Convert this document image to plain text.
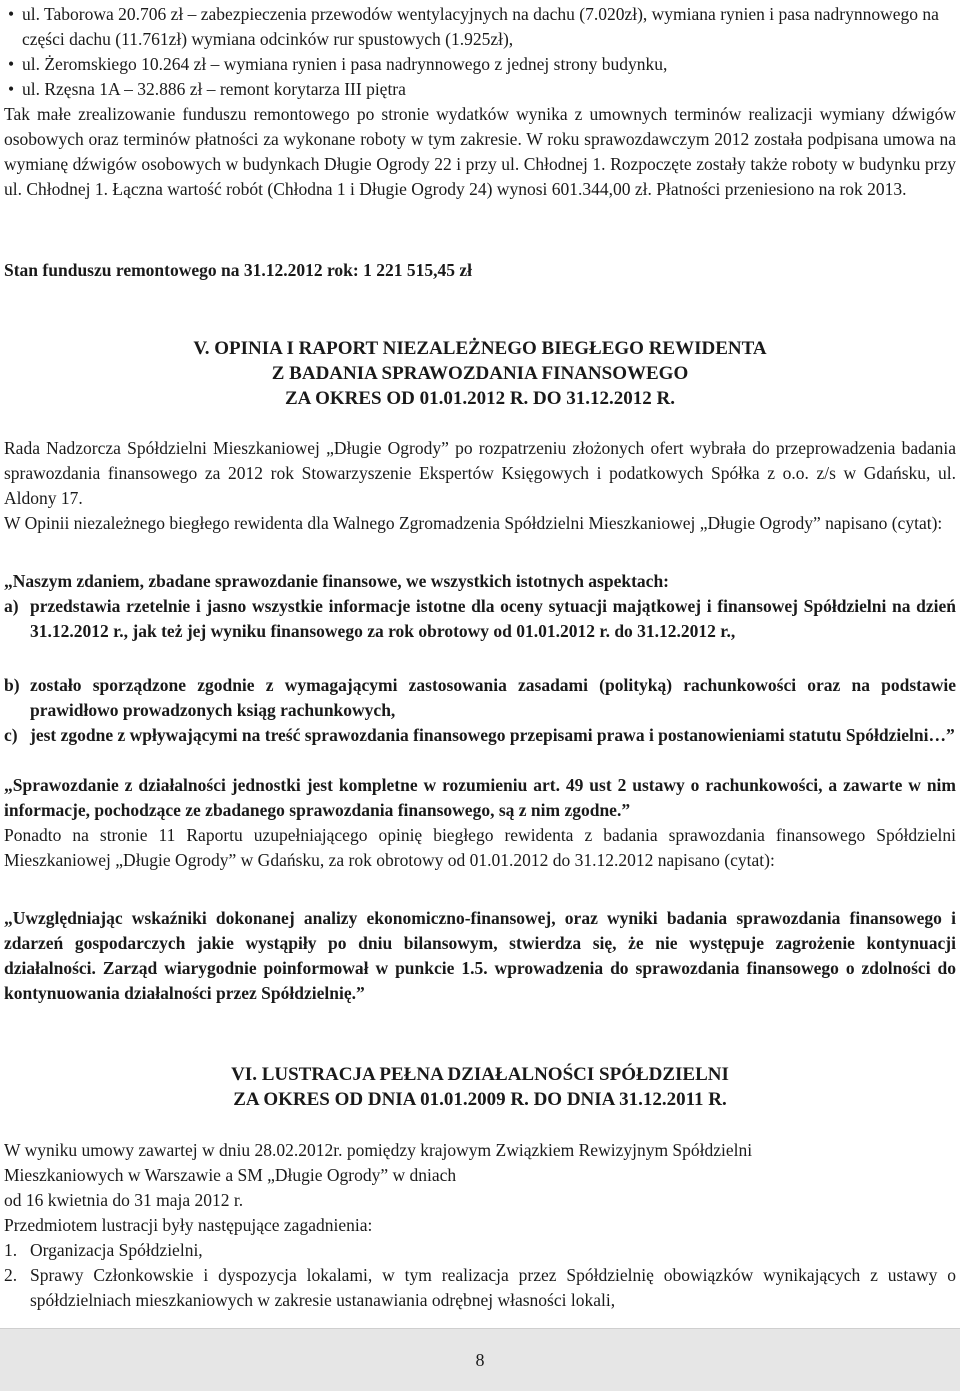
• ul. Taborowa 20.706 zł – zabezpieczenia przewodów wentylacyjnych na dachu (7.020zł), wymiana rynien i pasa nadrynnowego na części dachu (11.761zł) wymiana odcinków rur spustowych (1.925zł),
• ul. Żeromskiego 10.264 zł – wymiana rynien i pasa nadrynnowego z jednej strony budynku,
• ul. Rzęsna 1A – 32.886 zł – remont korytarza III piętra
Tak małe zrealizowanie funduszu remontowego po stronie wydatków wynika z umownych terminów realizacji wymiany dźwigów osobowych oraz terminów płatności za wykonane roboty w tym zakresie. W roku sprawozdawczym 2012 została podpisana umowa na wymianę dźwigów osobowych w budynkach Długie Ogrody 22 i przy ul. Chłodnej 1. Rozpoczęte zostały także roboty w budynku przy ul. Chłodnej 1. Łączna wartość robót (Chłodna 1 i Długie Ogrody 24) wynosi 601.344,00 zł. Płatności przeniesiono na rok 2013.
Stan funduszu remontowego na 31.12.2012 rok: 1 221 515,45 zł
V. OPINIA I RAPORT NIEZALEŻNEGO BIEGŁEGO REWIDENTA
Z BADANIA SPRAWOZDANIA FINANSOWEGO
ZA OKRES OD 01.01.2012 R. DO 31.12.2012 R.
Rada Nadzorcza Spółdzielni Mieszkaniowej „Długie Ogrody” po rozpatrzeniu złożonych ofert wybrała do przeprowadzenia badania sprawozdania finansowego za 2012 rok Stowarzyszenie Ekspertów Księgowych i podatkowych Spółka z o.o. z/s w Gdańsku, ul. Aldony 17.
W Opinii niezależnego biegłego rewidenta dla Walnego Zgromadzenia Spółdzielni Mieszkaniowej „Długie Ogrody” napisano (cytat):
„Naszym zdaniem, zbadane sprawozdanie finansowe, we wszystkich istotnych aspektach:
a) przedstawia rzetelnie i jasno wszystkie informacje istotne dla oceny sytuacji majątkowej i finansowej Spółdzielni na dzień 31.12.2012 r., jak też jej wyniku finansowego za rok obrotowy od 01.01.2012 r. do 31.12.2012 r.,
b) zostało sporządzone zgodnie z wymagającymi zastosowania zasadami (polityką) rachunkowości oraz na podstawie prawidłowo prowadzonych ksiąg rachunkowych,
c) jest zgodne z wpływającymi na treść sprawozdania finansowego przepisami prawa i postanowieniami statutu Spółdzielni…”
„Sprawozdanie z działalności jednostki jest kompletne w rozumieniu art. 49 ust 2 ustawy o rachunkowości, a zawarte w nim informacje, pochodzące ze zbadanego sprawozdania finansowego, są z nim zgodne.”
Ponadto na stronie 11 Raportu uzupełniającego opinię biegłego rewidenta z badania sprawozdania finansowego Spółdzielni Mieszkaniowej „Długie Ogrody” w Gdańsku, za rok obrotowy od 01.01.2012 do 31.12.2012 napisano (cytat):
„Uwzględniając wskaźniki dokonanej analizy ekonomiczno-finansowej, oraz wyniki badania sprawozdania finansowego i zdarzeń gospodarczych jakie wystąpiły po dniu bilansowym, stwierdza się, że nie występuje zagrożenie kontynuacji działalności. Zarząd wiarygodnie poinformował w punkcie 1.5. wprowadzenia do sprawozdania finansowego o zdolności do kontynuowania działalności przez Spółdzielnię.”
VI. LUSTRACJA PEŁNA DZIAŁALNOŚCI SPÓŁDZIELNI
ZA OKRES OD DNIA 01.01.2009 R. DO DNIA 31.12.2011 R.
W wyniku umowy zawartej w dniu 28.02.2012r. pomiędzy krajowym Związkiem Rewizyjnym Spółdzielni
Mieszkaniowych w Warszawie a SM „Długie Ogrody” w dniach
od 16 kwietnia do 31 maja 2012 r.
Przedmiotem lustracji były następujące zagadnienia:
1. Organizacja Spółdzielni,
2. Sprawy Członkowskie i dyspozycja lokalami, w tym realizacja przez Spółdzielnię obowiązków wynikających z ustawy o spółdzielniach mieszkaniowych w zakresie ustanawiania odrębnej własności lokali,
8
